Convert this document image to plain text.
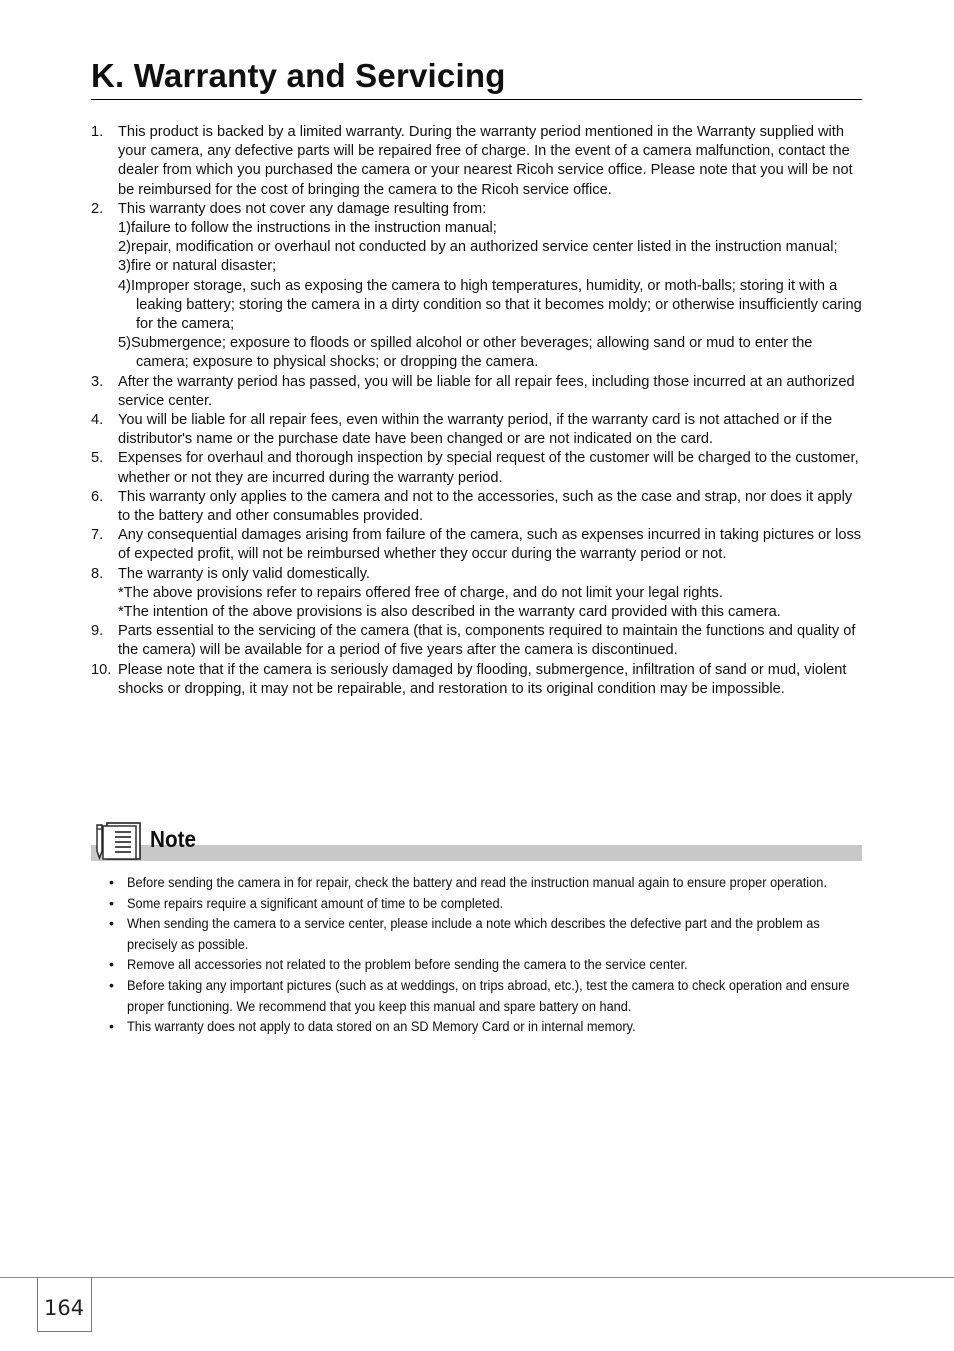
K. Warranty and Servicing
1. This product is backed by a limited warranty. During the warranty period mentioned in the Warranty supplied with your camera, any defective parts will be repaired free of charge. In the event of a camera malfunction, contact the dealer from which you purchased the camera or your nearest Ricoh service office. Please note that you will be not be reimbursed for the cost of bringing the camera to the Ricoh service office.
2. This warranty does not cover any damage resulting from:
1)failure to follow the instructions in the instruction manual;
2)repair, modification or overhaul not conducted by an authorized service center listed in the instruction manual;
3)fire or natural disaster;
4)Improper storage, such as exposing the camera to high temperatures, humidity, or moth-balls; storing it with a leaking battery; storing the camera in a dirty condition so that it becomes moldy; or otherwise insufficiently caring for the camera;
5)Submergence; exposure to floods or spilled alcohol or other beverages; allowing sand or mud to enter the camera; exposure to physical shocks; or dropping the camera.
3. After the warranty period has passed, you will be liable for all repair fees, including those incurred at an authorized service center.
4. You will be liable for all repair fees, even within the warranty period, if the warranty card is not attached or if the distributor's name or the purchase date have been changed or are not indicated on the card.
5. Expenses for overhaul and thorough inspection by special request of the customer will be charged to the customer, whether or not they are incurred during the warranty period.
6. This warranty only applies to the camera and not to the accessories, such as the case and strap, nor does it apply to the battery and other consumables provided.
7. Any consequential damages arising from failure of the camera, such as expenses incurred in taking pictures or loss of expected profit, will not be reimbursed whether they occur during the warranty period or not.
8. The warranty is only valid domestically.
*The above provisions refer to repairs offered free of charge, and do not limit your legal rights.
*The intention of the above provisions is also described in the warranty card provided with this camera.
9. Parts essential to the servicing of the camera (that is, components required to maintain the functions and quality of the camera) will be available for a period of five years after the camera is discontinued.
10. Please note that if the camera is seriously damaged by flooding, submergence, infiltration of sand or mud, violent shocks or dropping, it may not be repairable, and restoration to its original condition may be impossible.
Note
• Before sending the camera in for repair, check the battery and read the instruction manual again to ensure proper operation.
• Some repairs require a significant amount of time to be completed.
• When sending the camera to a service center, please include a note which describes the defective part and the problem as precisely as possible.
• Remove all accessories not related to the problem before sending the camera to the service center.
• Before taking any important pictures (such as at weddings, on trips abroad, etc.), test the camera to check operation and ensure proper functioning. We recommend that you keep this manual and spare battery on hand.
• This warranty does not apply to data stored on an SD Memory Card or in internal memory.
164
